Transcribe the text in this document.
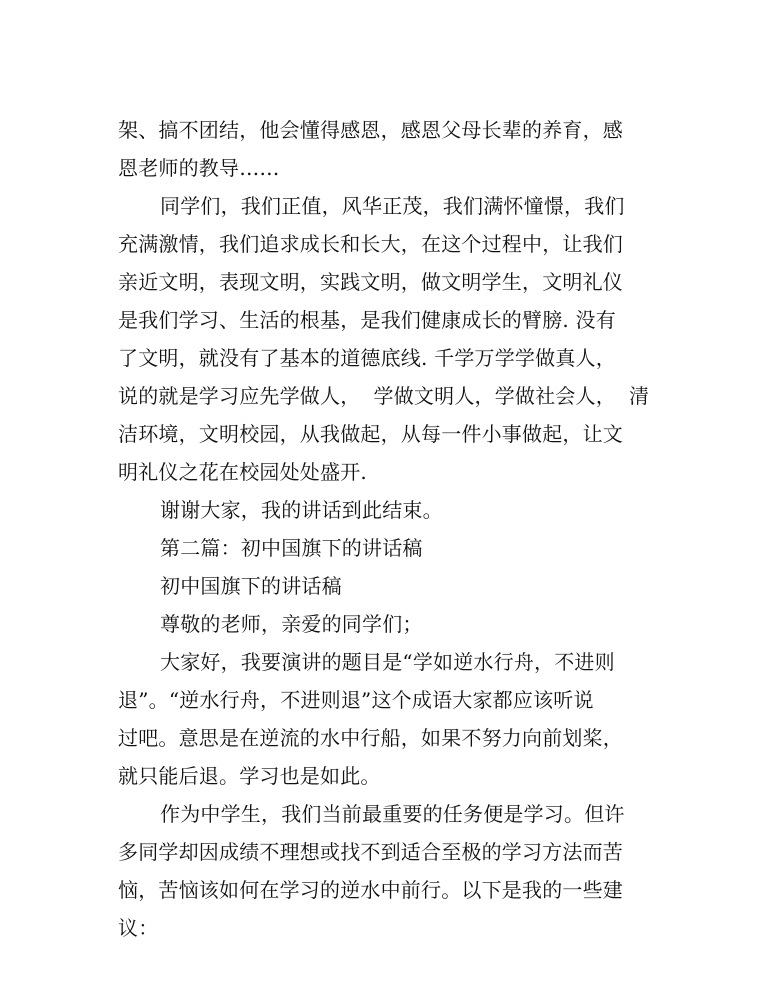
架、搞不团结，他会懂得感恩，感恩父母长辈的养育，感
恩老师的教导……
同学们，我们正值，风华正茂，我们满怀憧憬，我们
充满激情，我们追求成长和长大，在这个过程中，让我们
亲近文明，表现文明，实践文明，做文明学生，文明礼仪
是我们学习、生活的根基，是我们健康成长的臂膀. 没有
了文明，就没有了基本的道德底线. 千学万学学做真人，
说的就是学习应先学做人，  学做文明人，学做社会人，  清
洁环境，文明校园，从我做起，从每一件小事做起，让文
明礼仪之花在校园处处盛开.
谢谢大家，我的讲话到此结束。
第二篇：初中国旗下的讲话稿
初中国旗下的讲话稿
尊敬的老师，亲爱的同学们；
大家好，我要演讲的题目是“学如逆水行舟，不进则
退”。“逆水行舟，不进则退”这个成语大家都应该听说
过吧。意思是在逆流的水中行船，如果不努力向前划桨，
就只能后退。学习也是如此。
作为中学生，我们当前最重要的任务便是学习。但许
多同学却因成绩不理想或找不到适合至极的学习方法而苦
恼，苦恼该如何在学习的逆水中前行。以下是我的一些建
议：
